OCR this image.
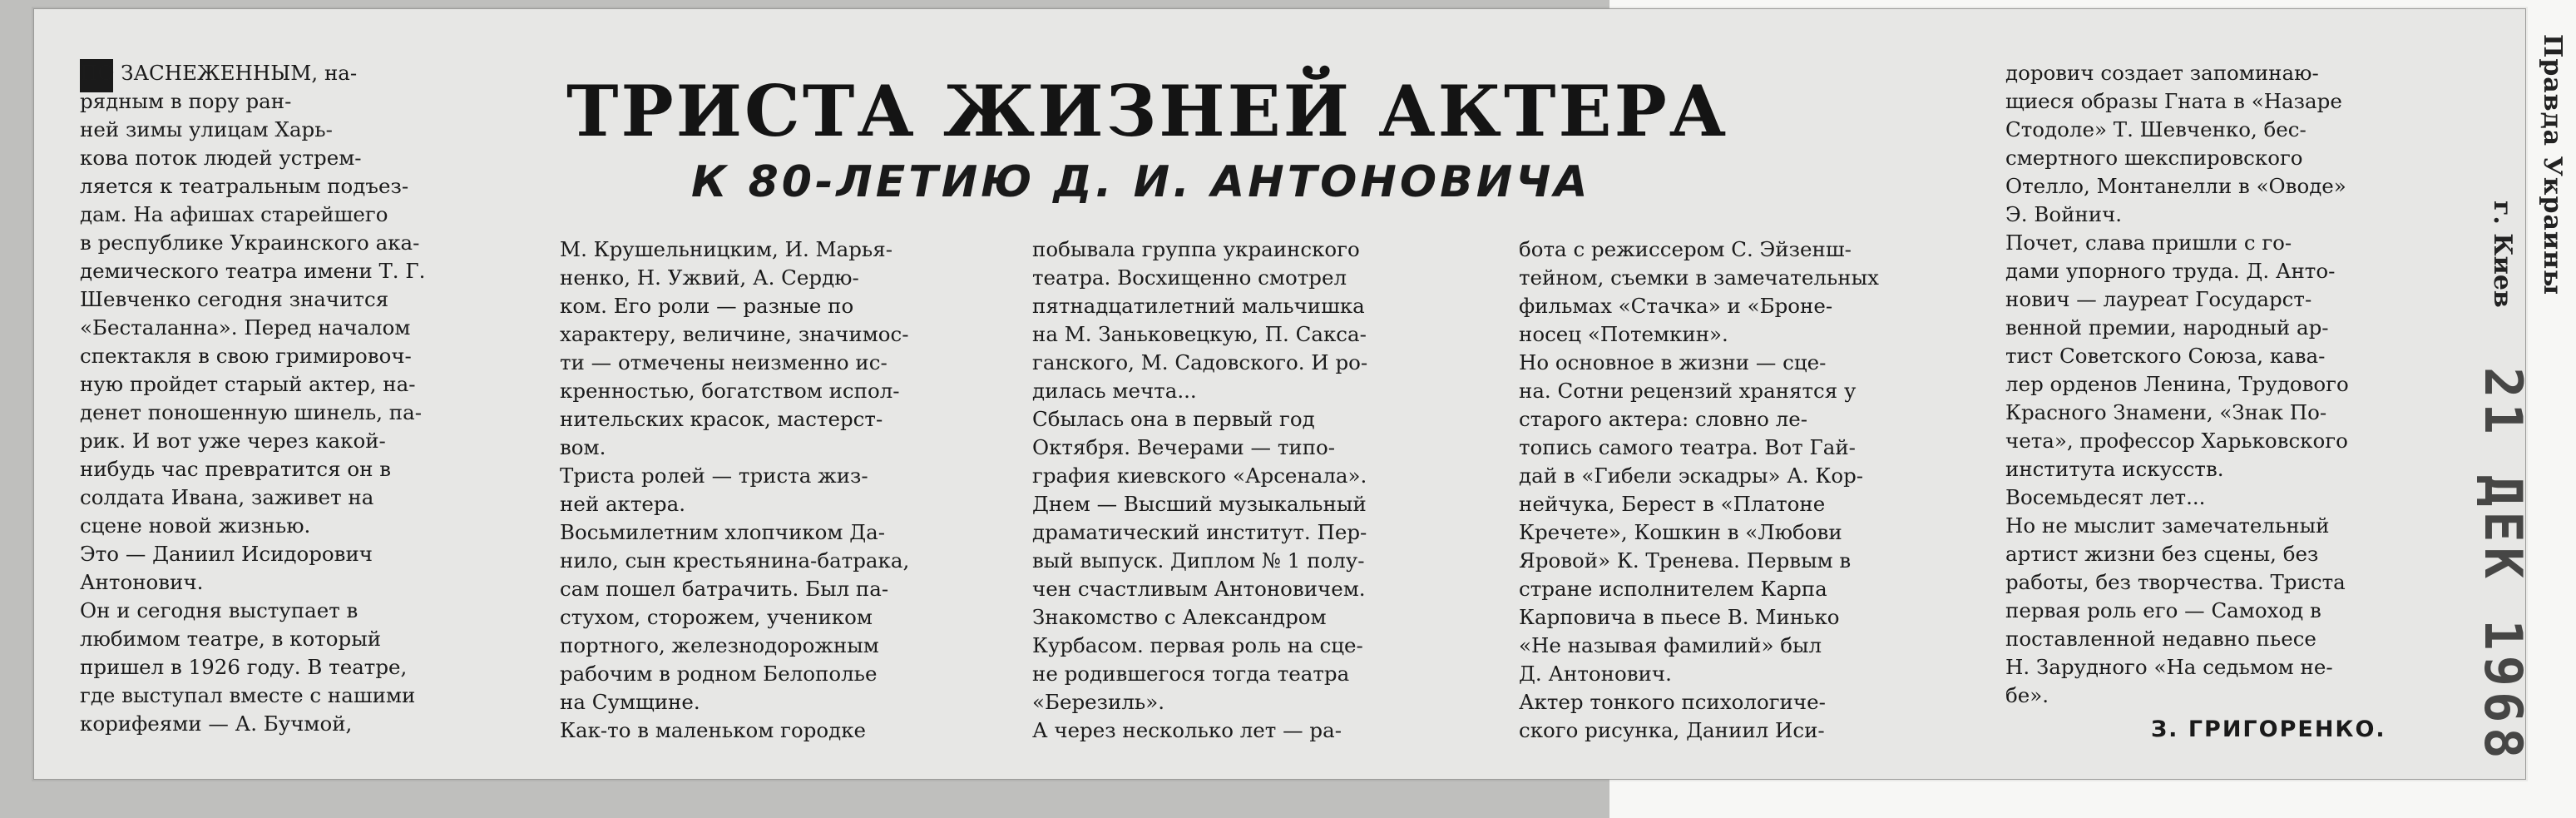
ПО ЗАСНЕЖЕННЫМ, на-
рядным в пору ран-
ней зимы улицам Харь-
кова поток людей устрем-
ляется к театральным подъез-
дам. На афишах старейшего
в республике Украинского ака-
демического театра имени Т. Г.
Шевченко сегодня значится
«Бесталанна». Перед началом
спектакля в свою гримировоч-
ную пройдет старый актер, на-
денет поношенную шинель, па-
рик. И вот уже через какой-
нибудь час превратится он в
солдата Ивана, заживет на
сцене новой жизнью.
Это — Даниил Исидорович
Антонович.
Он и сегодня выступает в
любимом театре, в который
пришел в 1926 году. В театре,
где выступал вместе с нашими
корифеями — А. Бучмой,
ТРИСТА ЖИЗНЕЙ АКТЕРА
К 80-ЛЕТИЮ Д. И. АНТОНОВИЧА
М. Крушельницким, И. Марья-
ненко, Н. Ужвий, А. Сердю-
ком. Его роли — разные по
характеру, величине, значимос-
ти — отмечены неизменно ис-
кренностью, богатством испол-
нительских красок, мастерст-
вом.
Триста ролей — триста жиз-
ней актера.
Восьмилетним хлопчиком Да-
нило, сын крестьянина-батрака,
сам пошел батрачить. Был па-
стухом, сторожем, учеником
портного, железнодорожным
рабочим в родном Белополье
на Сумщине.
Как-то в маленьком городке
побывала группа украинского
театра. Восхищенно смотрел
пятнадцатилетний мальчишка
на М. Заньковецкую, П. Саксa-
ганского, М. Садовского. И ро-
дилась мечта...
Сбылась она в первый год
Октября. Вечерами — типо-
графия киевского «Арсенала».
Днем — Высший музыкальный
драматический институт. Пер-
вый выпуск. Диплом № 1 полу-
чен счастливым Антоновичем.
Знакомство с Александром
Курбасом. первая роль на сце-
не родившегося тогда театра
«Березиль».
А через несколько лет — ра-
бота с режиссером С. Эйзенш-
тейном, съемки в замечательных
фильмах «Стачка» и «Броне-
носец «Потемкин».
Но основное в жизни — сце-
на. Сотни рецензий хранятся у
старого актера: словно ле-
топись самого театра. Вот Гай-
дай в «Гибели эскадры» А. Кор-
нейчука, Берест в «Платоне
Кречете», Кошкин в «Любови
Яровой» К. Тренева. Первым в
стране исполнителем Карпа
Карповича в пьесе В. Минько
«Не называя фамилий» был
Д. Антонович.
Актер тонкого психологиче-
ского рисунка, Даниил Иси-
дорович создает запоминаю-
щиеся образы Гната в «Назаре
Стодоле» Т. Шевченко, бес-
смертного шекспировского
Отелло, Монтанелли в «Оводе»
Э. Войнич.
Почет, слава пришли с го-
дами упорного труда. Д. Анто-
нович — лауреат Государст-
венной премии, народный ар-
тист Советского Союза, кава-
лер орденов Ленина, Трудового
Красного Знамени, «Знак По-
чета», профессор Харьковского
института искусств.
Восемьдесят лет...
Но не мыслит замечательный
артист жизни без сцены, без
работы, без творчества. Триста
первая роль его — Самоход в
поставленной недавно пьесе
Н. Зарудного «На седьмом не-
бе».
З. ГРИГОРЕНКО.
Правда Украины
г. Киев
21 ДЕК 1968
